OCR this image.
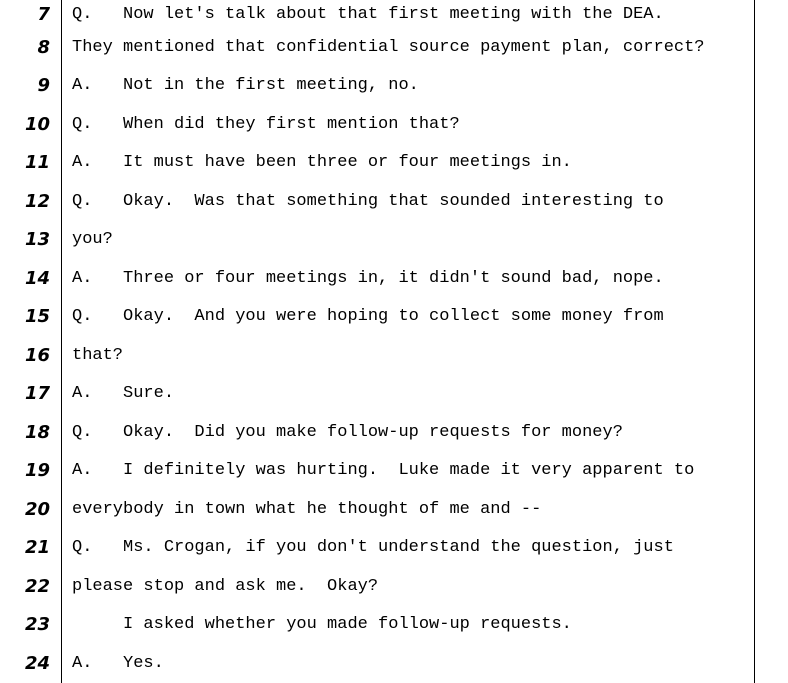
7 Q.   Now let's talk about that first meeting with the DEA.
8 They mentioned that confidential source payment plan, correct?
9 A.   Not in the first meeting, no.
10 Q.   When did they first mention that?
11 A.   It must have been three or four meetings in.
12 Q.   Okay.  Was that something that sounded interesting to
13 you?
14 A.   Three or four meetings in, it didn't sound bad, nope.
15 Q.   Okay.  And you were hoping to collect some money from
16 that?
17 A.   Sure.
18 Q.   Okay.  Did you make follow-up requests for money?
19 A.   I definitely was hurting.  Luke made it very apparent to
20 everybody in town what he thought of me and --
21 Q.   Ms. Crogan, if you don't understand the question, just
22 please stop and ask me.  Okay?
23 I asked whether you made follow-up requests.
24 A.   Yes.
